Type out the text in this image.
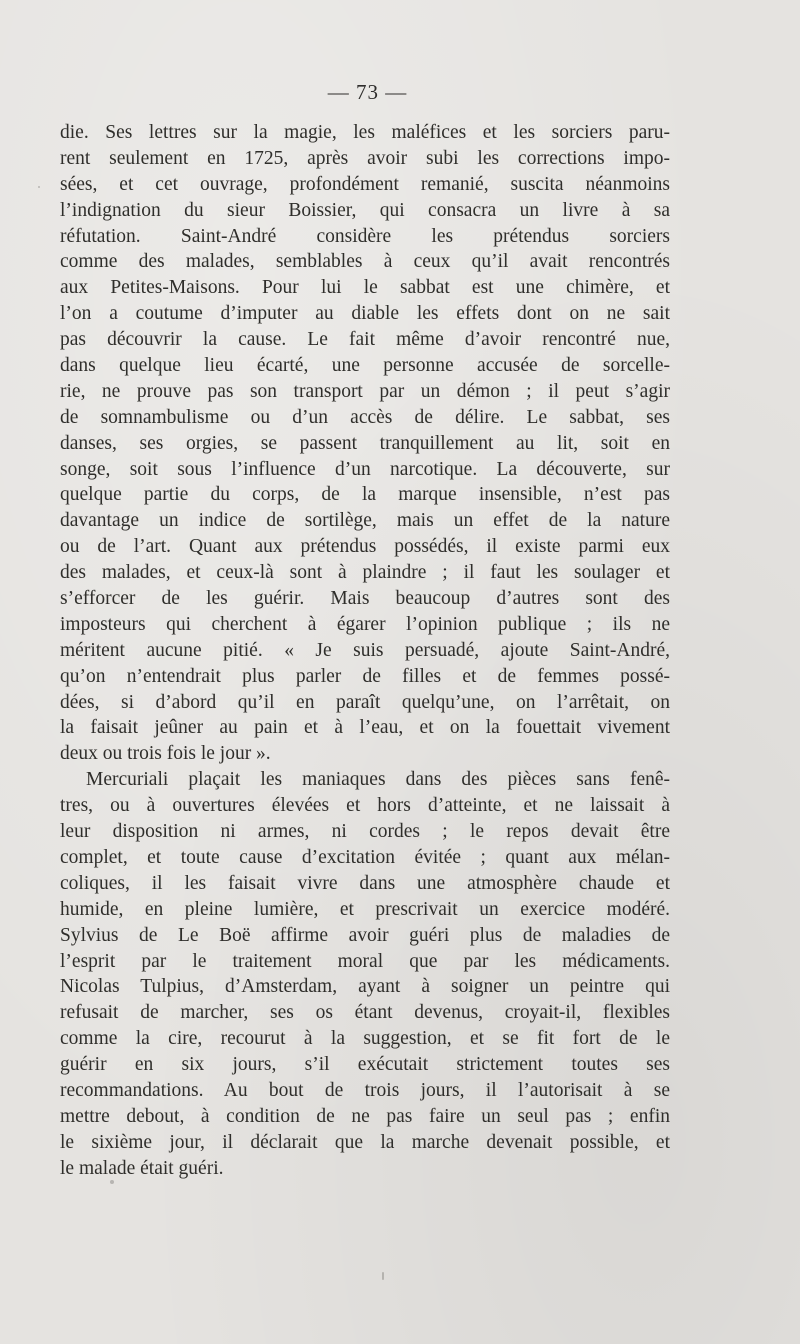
— 73 —

die. Ses lettres sur la magie, les maléfices et les sorciers paru-
rent seulement en 1725, après avoir subi les corrections impo-
sées, et cet ouvrage, profondément remanié, suscita néanmoins
l’indignation du sieur Boissier, qui consacra un livre à sa
réfutation. Saint-André considère les prétendus sorciers
comme des malades, semblables à ceux qu’il avait rencontrés
aux Petites-Maisons. Pour lui le sabbat est une chimère, et
l’on a coutume d’imputer au diable les effets dont on ne sait
pas découvrir la cause. Le fait même d’avoir rencontré nue,
dans quelque lieu écarté, une personne accusée de sorcelle-
rie, ne prouve pas son transport par un démon ; il peut s’agir
de somnambulisme ou d’un accès de délire. Le sabbat, ses
danses, ses orgies, se passent tranquillement au lit, soit en
songe, soit sous l’influence d’un narcotique. La découverte, sur
quelque partie du corps, de la marque insensible, n’est pas
davantage un indice de sortilège, mais un effet de la nature
ou de l’art. Quant aux prétendus possédés, il existe parmi eux
des malades, et ceux-là sont à plaindre ; il faut les soulager et
s’efforcer de les guérir. Mais beaucoup d’autres sont des
imposteurs qui cherchent à égarer l’opinion publique ; ils ne
méritent aucune pitié. « Je suis persuadé, ajoute Saint-André,
qu’on n’entendrait plus parler de filles et de femmes possé-
dées, si d’abord qu’il en paraît quelqu’une, on l’arrêtait, on
la faisait jeûner au pain et à l’eau, et on la fouettait vivement
deux ou trois fois le jour ».

Mercuriali plaçait les maniaques dans des pièces sans fenê-
tres, ou à ouvertures élevées et hors d’atteinte, et ne laissait à
leur disposition ni armes, ni cordes ; le repos devait être
complet, et toute cause d’excitation évitée ; quant aux mélan-
coliques, il les faisait vivre dans une atmosphère chaude et
humide, en pleine lumière, et prescrivait un exercice modéré.
Sylvius de Le Boë affirme avoir guéri plus de maladies de
l’esprit par le traitement moral que par les médicaments.
Nicolas Tulpius, d’Amsterdam, ayant à soigner un peintre qui
refusait de marcher, ses os étant devenus, croyait-il, flexibles
comme la cire, recourut à la suggestion, et se fit fort de le
guérir en six jours, s’il exécutait strictement toutes ses
recommandations. Au bout de trois jours, il l’autorisait à se
mettre debout, à condition de ne pas faire un seul pas ; enfin
le sixième jour, il déclarait que la marche devenait possible, et
le malade était guéri.
